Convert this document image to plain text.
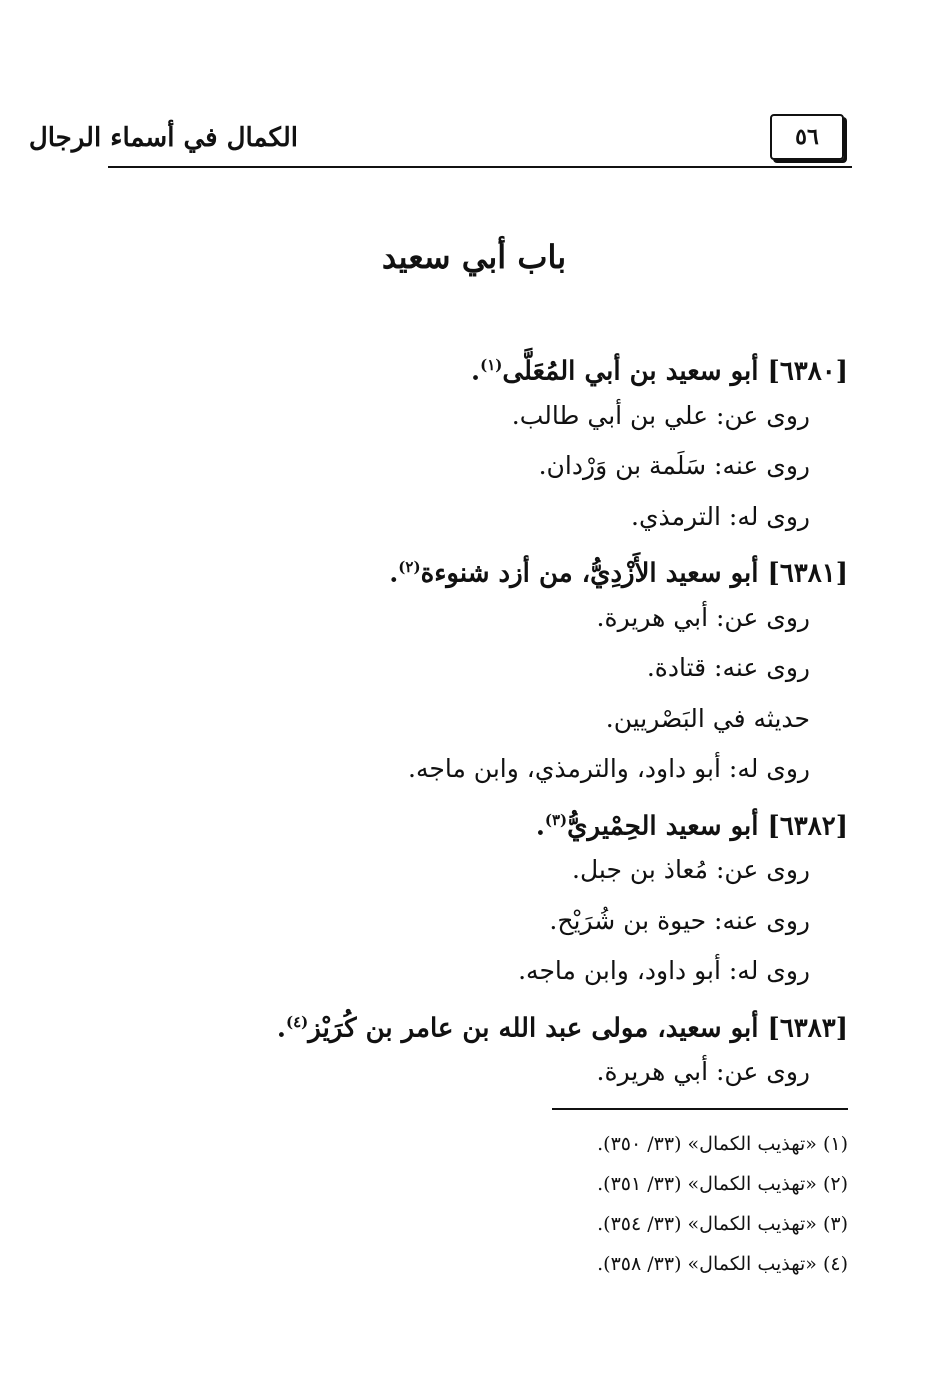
الكمال في أسماء الرجال	٥٦
باب أبي سعيد
[٦٣٨٠] أبو سعيد بن أبي المُعَلَّى$^{(١)}$.
روى عن: علي بن أبي طالب.
روى عنه: سَلَمة بن وَرْدان.
روى له: الترمذي.
[٦٣٨١] أبو سعيد الأَزْدِيُّ، من أزد شنوءة$^{(٢)}$.
روى عن: أبي هريرة.
روى عنه: قتادة.
حديثه في البَصْريين.
روى له: أبو داود، والترمذي، وابن ماجه.
[٦٣٨٢] أبو سعيد الحِمْيريُّ$^{(٣)}$.
روى عن: مُعاذ بن جبل.
روى عنه: حيوة بن شُرَيْح.
روى له: أبو داود، وابن ماجه.
[٦٣٨٣] أبو سعيد، مولى عبد الله بن عامر بن كُرَيْز$^{(٤)}$.
روى عن: أبي هريرة.
(١) «تهذيب الكمال» (٣٣/ ٣٥٠).
(٢) «تهذيب الكمال» (٣٣/ ٣٥١).
(٣) «تهذيب الكمال» (٣٣/ ٣٥٤).
(٤) «تهذيب الكمال» (٣٣/ ٣٥٨).
